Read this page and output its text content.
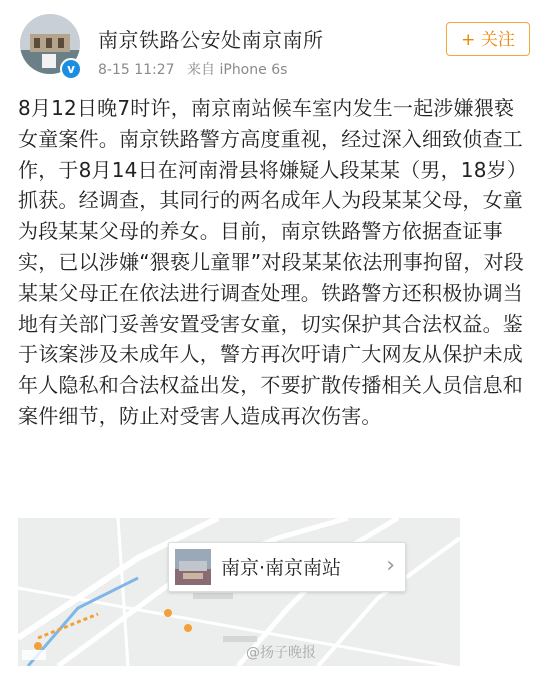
v
南京铁路公安处南京南所
8-15 11:27 来自 iPhone 6s
+ 关注
8月12日晚7时许，南京南站候车室内发生一起涉嫌猥亵女童案件。南京铁路警方高度重视，经过深入细致侦查工作，于8月14日在河南滑县将嫌疑人段某某（男，18岁）抓获。经调查，其同行的两名成年人为段某某父母，女童为段某某父母的养女。目前，南京铁路警方依据查证事实，已以涉嫌“猥亵儿童罪”对段某某依法刑事拘留，对段某某父母正在依法进行调查处理。铁路警方还积极协调当地有关部门妥善安置受害女童，切实保护其合法权益。鉴于该案涉及未成年人，警方再次吁请广大网友从保护未成年人隐私和合法权益出发，不要扩散传播相关人员信息和案件细节，防止对受害人造成再次伤害。
南京·南京南站 ›
@扬子晚报
